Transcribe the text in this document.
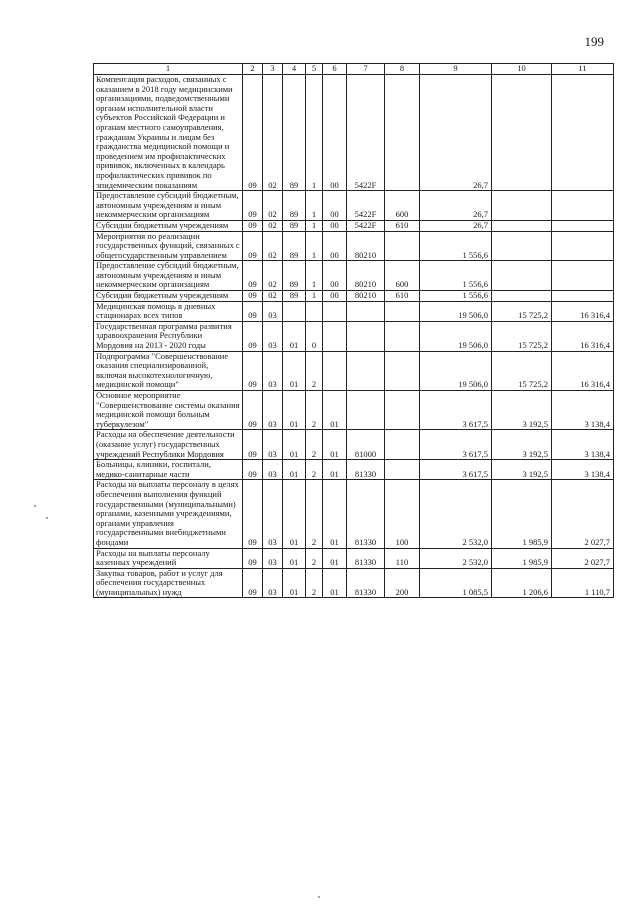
199
1	2	3	4	5	6	7	8	9	10	11
Компенсация расходов, связанных с оказанием в 2018 году медицинскими организациями, подведомственными органам исполнительной власти субъектов Российской Федерации и органам местного самоуправления, гражданам Украины и лицам без гражданства медицинской помощи и проведением им профилактических прививок, включенных в календарь профилактических прививок по эпидемическим показаниям	09	02	89	1	00	5422F		26,7		
Предоставление субсидий бюджетным, автономным учреждениям и иным некоммерческим организациям	09	02	89	1	00	5422F	600	26,7		
Субсидии бюджетным учреждениям	09	02	89	1	00	5422F	610	26,7		
Мероприятия по реализации государственных функций, связанных с общегосударственным управлением	09	02	89	1	00	80210		1 556,6		
Предоставление субсидий бюджетным, автономным учреждениям и иным некоммерческим организациям	09	02	89	1	00	80210	600	1 556,6		
Субсидии бюджетным учреждениям	09	02	89	1	00	80210	610	1 556,6		
Медицинская помощь в дневных стационарах всех типов	09	03						19 506,0	15 725,2	16 316,4
Государственная программа развития здравоохранения Республики Мордовия на 2013 - 2020 годы	09	03	01	0				19 506,0	15 725,2	16 316,4
Подпрограмма "Совершенствование оказания специализированной, включая высокотехнологичную, медицинской помощи"	09	03	01	2				19 506,0	15 725,2	16 316,4
Основное мероприятие "Совершенствование системы оказания медицинской помощи больным туберкулезом"	09	03	01	2	01			3 617,5	3 192,5	3 138,4
Расходы на обеспечение деятельности (оказание услуг) государственных учреждений Республики Мордовия	09	03	01	2	01	81000		3 617,5	3 192,5	3 138,4
Больницы, клиники, госпитали, медико-санитарные части	09	03	01	2	01	81330		3 617,5	3 192,5	3 138,4
Расходы на выплаты персоналу в целях обеспечения выполнения функций государственными (муниципальными) органами, казенными учреждениями, органами управления государственными внебюджетными фондами	09	03	01	2	01	81330	100	2 532,0	1 985,9	2 027,7
Расходы на выплаты персоналу казенных учреждений	09	03	01	2	01	81330	110	2 532,0	1 985,9	2 027,7
Закупка товаров, работ и услуг для обеспечения государственных (муниципальных) нужд	09	03	01	2	01	81330	200	1 085,5	1 206,6	1 110,7
